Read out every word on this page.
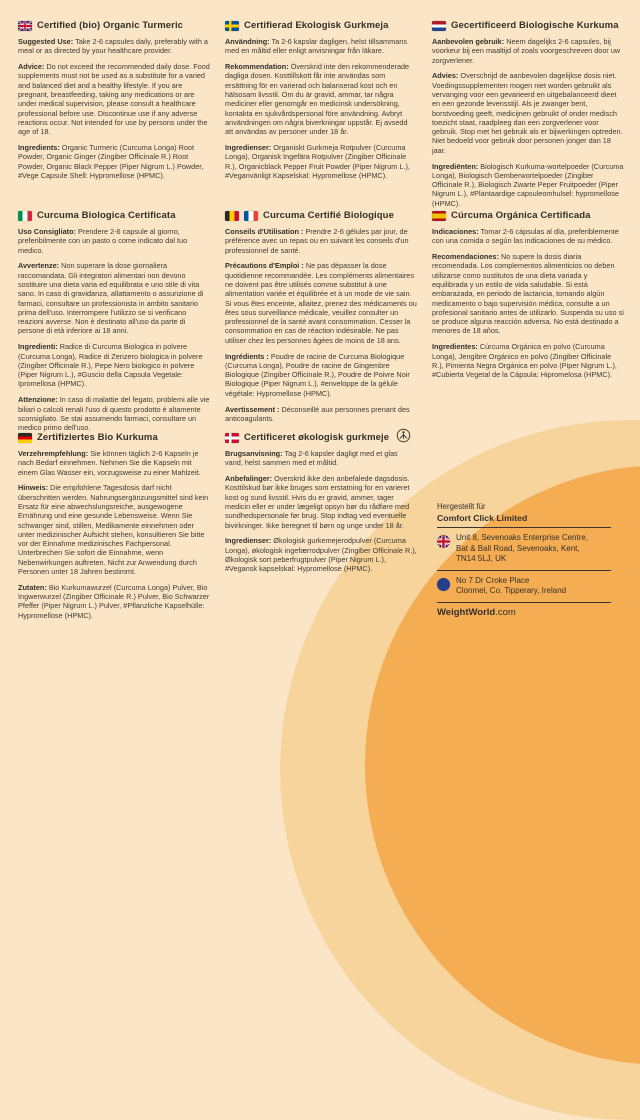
Certified (bio) Organic Turmeric

Suggested Use: Take 2-6 capsules daily, preferably with a meal or as directed by your healthcare provider.

Advice: Do not exceed the recommended daily dose. Food supplements must not be used as a substitute for a varied and balanced diet and a healthy lifestyle. If you are pregnant, breastfeeding, taking any medications or are under medical supervision, please consult a healthcare professional before use. Discontinue use if any adverse reactions occur. Not intended for use by persons under the age of 18.

Ingredients: Organic Turmeric (Curcuma Longa) Root Powder, Organic Ginger (Zingiber Officinale R.) Root Powder, Organic Black Pepper (Piper Nigrum L.) Powder, #Vege Capsule Shell: Hypromellose (HPMC).

Certifierad Ekologisk Gurkmeja

Användning: Ta 2-6 kapslar dagligen, helst tillsammans med en måltid eller enligt anvisningar från läkare.

Rekommendation: Överskrid inte den rekommenderade dagliga dosen. Kosttillskott får inte användas som ersättning för en varierad och balanserad kost och en hälsosam livsstil. Om du är gravid, ammar, tar några mediciner eller genomgår en medicinsk undersökning, kontakta en sjukvårdspersonal före användning. Avbryt användningen om några biverkningar uppstår. Ej avsedd att användas av personer under 18 år.

Ingredienser: Organiskt Gurkmeja Rotpulver (Curcuma Longa), Organisk Ingefära Rotpulver (Zingiber Officinale R.), Organicblack Pepper Fruit Powder (Piper Nigrum L.), #Veganvänligt Kapselskal: Hypromellose (HPMC).

Gecertificeerd Biologische Kurkuma

Aanbevolen gebruik: Neem dagelijks 2-6 capsules, bij voorkeur bij een maaltijd of zoals voorgeschreven door uw zorgverlener.

Advies: Overschrijd de aanbevolen dagelijkse dosis niet. Voedingssupplementen mogen niet worden gebruikt als vervanging voor een gevarieerd en uitgebalanceerd dieet en een gezonde levensstijl. Als je zwanger bent, borstvoeding geeft, medicijnen gebruikt of onder medisch toezicht staat, raadpleeg dan een zorgverlener voor gebruik. Stop met het gebruik als er bijwerkingen optreden. Niet bedoeld voor gebruik door personen jonger dan 18 jaar.

Ingrediënten: Biologisch Kurkuma-wortelpoeder (Curcuma Longa), Biologisch Gemberwortelpoeder (Zingiber Officinale R.), Biologisch Zwarte Peper Fruitpoeder (Piper Nigrum L.), #Plantaardige capsuleomhulsel: hypromellose (HPMC).

Curcuma Biologica Certificata

Uso Consigliato: Prendere 2-6 capsule al giorno, preferibilmente con un pasto o come indicato dal tuo medico.

Avvertenze: Non superare la dose giornaliera raccomandata. Gli integratori alimentari non devono sostituire una dieta varia ed equilibrata e uno stile di vita sano. In caso di gravidanza, allattamento o assunzione di farmaci, consultare un professionista in ambito sanitario prima dell'uso. Interrompere l'utilizzo se si verificano reazioni avverse. Non è destinato all'uso da parte di persone di età inferiore ai 18 anni.

Ingredienti: Radice di Curcuma Biologica in polvere (Curcuma Longa), Radice di Zenzero biologica in polvere (Zingiber Officinale R.), Pepe Nero biologico in polvere (Piper Nigrum L.), #Guscio della Capsula Vegetale: Ipromellosa (HPMC).

Attenzione: In caso di malattie del fegato, problemi alle vie biliari o calcoli renali l'uso di questo prodotto é altamente sconsigliato. Se stai assumendo farmaci, consultare un medico primo dell'uso.

Curcuma Certifié Biologique

Conseils d'Utilisation : Prendre 2-6 gélules par jour, de préférence avec un repas ou en suivant les conseils d'un professionnel de santé.

Précautions d'Emploi : Ne pas dépasser la dose quotidienne recommandée. Les compléments alimentaires ne doivent pas être utilisés comme substitut à une alimentation variée et équilibrée et à un mode de vie sain. Si vous êtes enceinte, allaitez, prenez des médicaments ou êtes sous surveillance médicale, veuillez consulter un professionnel de la santé avant consommation. Cesser la consommation en cas de réaction indésirable. Ne pas utiliser chez les personnes âgées de moins de 18 ans.

Ingrédients : Poudre de racine de Curcuma Biologique (Curcuma Longa), Poudre de racine de Gingembre Biologique (Zingiber Officinale R.), Poudre de Poivre Noir Biologique (Piper Nigrum L.), #enveloppe de la gélule végétale: Hypromellose (HPMC).

Avertissement : Déconseillé aux personnes prenant des anticoagulants.

Cúrcuma Orgánica Certificada

Indicaciones: Tomar 2-6 cápsulas al día, preferiblemente con una comida o según las indicaciones de su médico.

Recomendaciones: No supere la dosis diaria recomendada. Los complementos alimenticios no deben utilizarse como sustitutos de una dieta variada y equilibrada y un estilo de vida saludable. Si está embarazada, en periodo de lactancia, tomando algún medicamento o bajo supervisión médica, consulte a un profesional sanitario antes de utilizarlo. Suspenda su uso si se produce alguna reacción adversa. No está destinado a menores de 18 años.

Ingredientes: Cúrcuma Orgánica en polvo (Curcuma Longa), Jengibre Orgánico en polvo (Zingiber Officinale R.), Pimienta Negra Orgánica en polvo (Piper Nigrum L.), #Cubierta Vegetal de la Cápsula: Hipromelosa (HPMC).

Zertifiziertes Bio Kurkuma

Verzehrempfehlung: Sie können täglich 2-6 Kapseln je nach Bedarf einnehmen. Nehmen Sie die Kapseln mit einem Glas Wasser ein, vorzugsweise zu einer Mahlzeit.

Hinweis: Die empfohlene Tagesdosis darf nicht überschritten werden. Nahrungsergänzungsmittel sind kein Ersatz für eine abwechslungsreiche, ausgewogene Ernährung und eine gesunde Lebensweise. Wenn Sie schwanger sind, stillen, Medikamente einnehmen oder unter medizinischer Aufsicht stehen, konsultieren Sie bitte vor der Einnahme medizinisches Fachpersonal. Unterbrechen Sie sofort die Einnahme, wenn Nebenwirkungen auftreten. Nicht zur Anwendung durch Personen unter 18 Jahren bestimmt.

Zutaten: Bio Kurkumawurzel (Curcuma Longa) Pulver, Bio Ingwerwurzel (Zingiber Officinale R.) Pulver, Bio Schwarzer Pfeffer (Piper Nigrum L.) Pulver, #Pflanzliche Kapselhülle: Hypromellose (HPMC).

Certificeret økologisk gurkmeje

Brugsanvisning: Tag 2-6 kapsler dagligt med et glas vand, helst sammen med et måltid.

Anbefalinger: Overskrid ikke den anbefalede dagsdosis. Kosttilskud bør ikke bruges som erstatning for en varieret kost og sund livsstil. Hvis du er gravid, ammer, tager medicin eller er under lægeligt opsyn bør du rådføre med sundhedspersonale før brug. Stop indtag ved eventuelle bivirkninger. Ikke beregnet til børn og unge under 18 år.

Ingredienser: Økologisk gurkemejerodpulver (Curcuma Longa), økologisk ingefærrodpulver (Zingiber Officinale R.), Økologisk sort peberfrugtpulver (Piper Nigrum L.), #Vegansk kapselskal: Hypromellose (HPMC).

Hergestellt für

Comfort Click Limited

Unit 8, Sevenoaks Enterprise Centre,
Bat & Ball Road, Sevenoaks, Kent,
TN14 5LJ, UK
No 7 Dr Croke Place
Clonmel, Co. Tipperary, Ireland

WeightWorld.com
